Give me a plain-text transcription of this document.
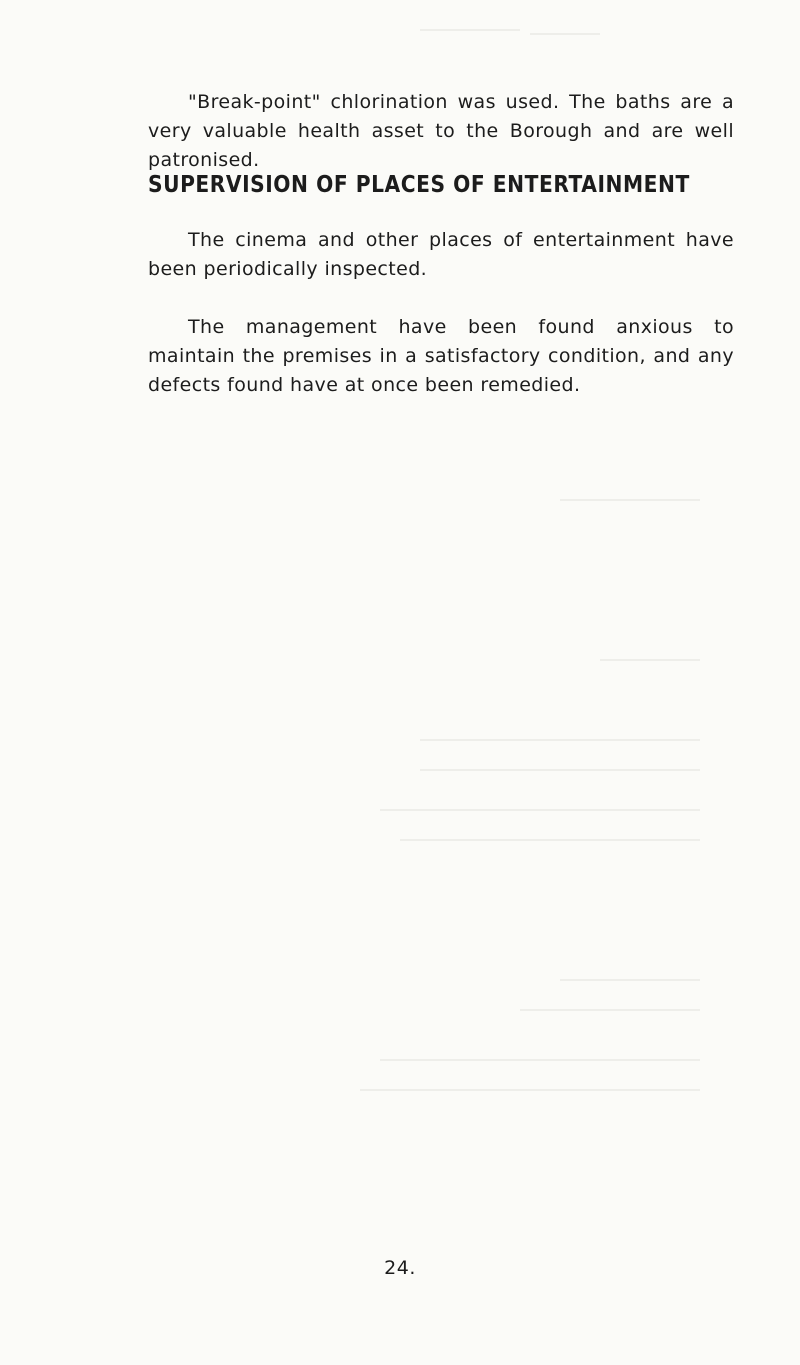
"Break-point" chlorination was used. The baths are a very valuable health asset to the Borough and are well patronised.

SUPERVISION OF PLACES OF ENTERTAINMENT

The cinema and other places of entertainment have been periodically inspected.

The management have been found anxious to maintain the premises in a satisfactory condition, and any defects found have at once been remedied.

24.
